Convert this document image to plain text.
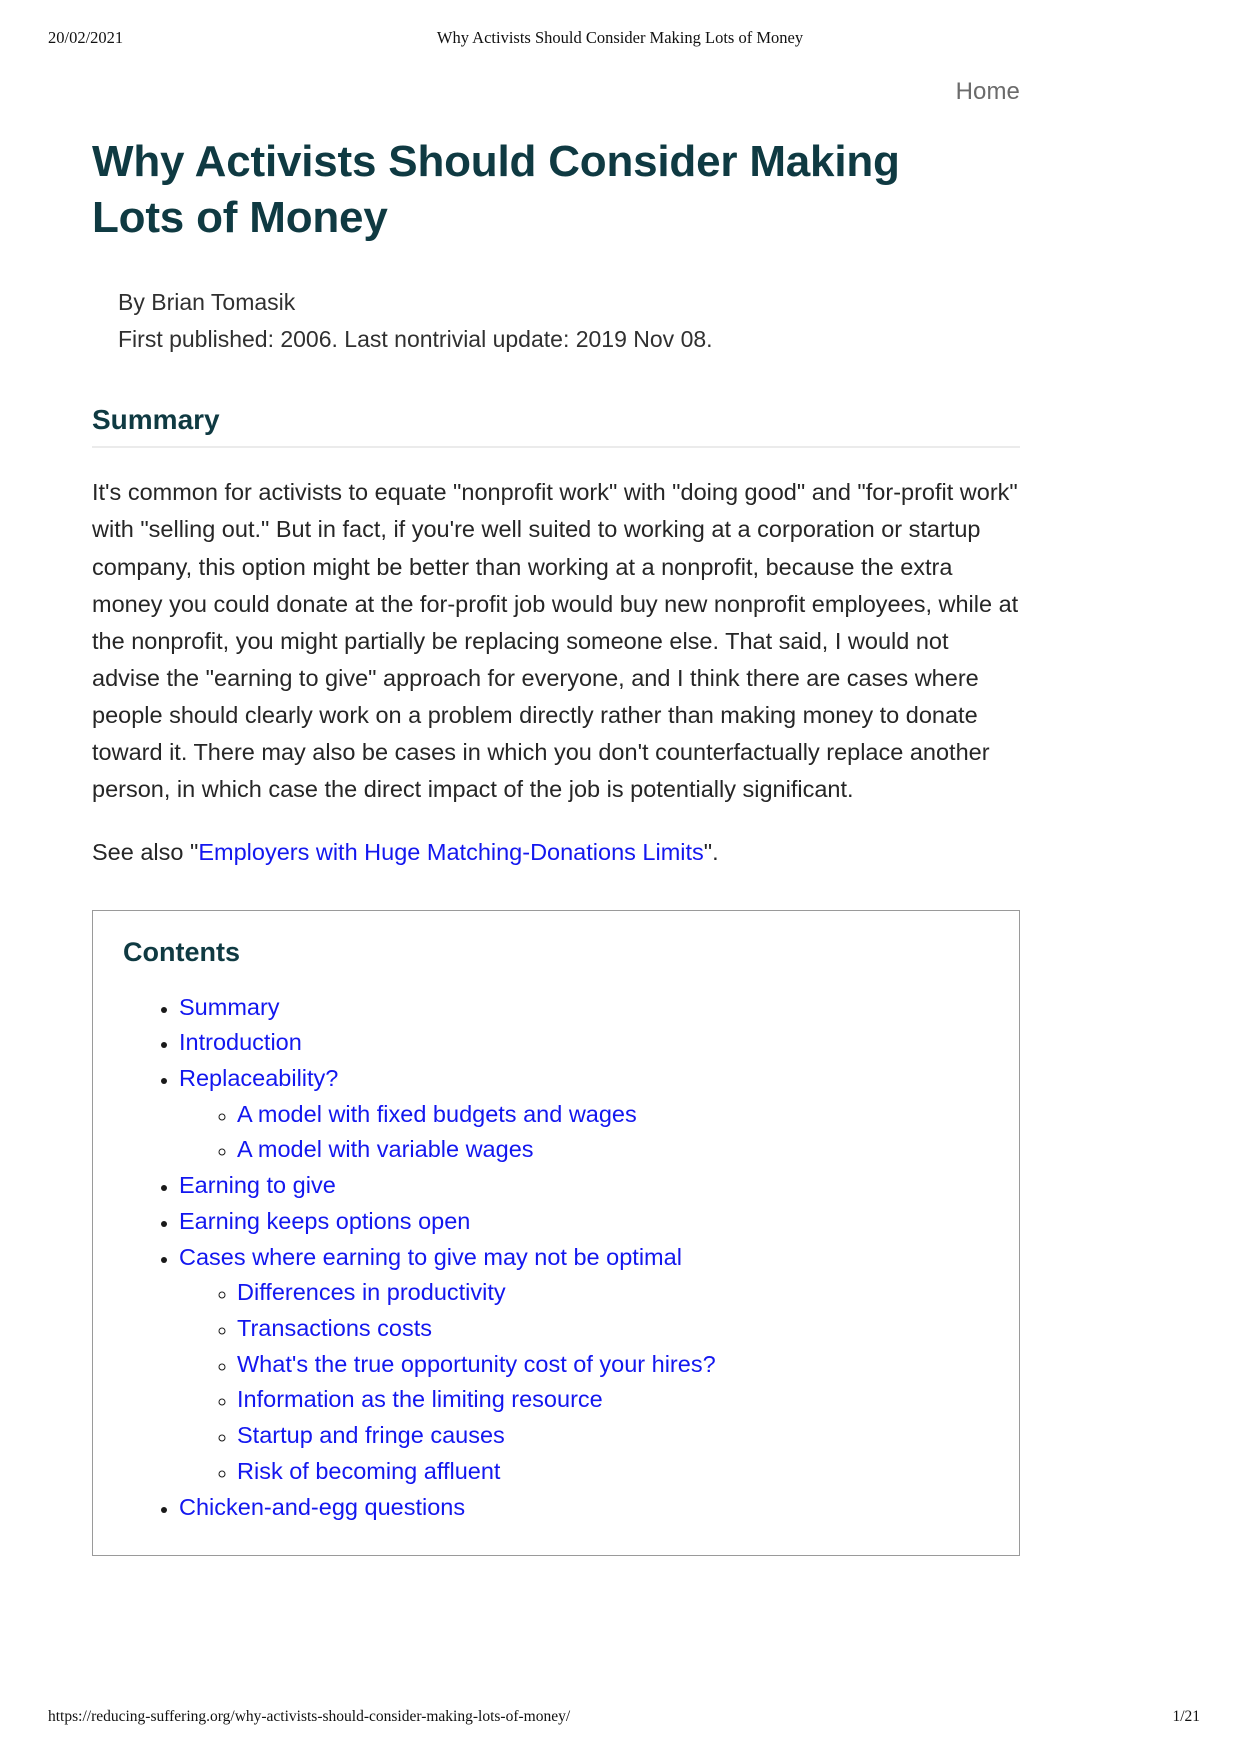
20/02/2021	Why Activists Should Consider Making Lots of Money
Home
Why Activists Should Consider Making Lots of Money
By Brian Tomasik
First published: 2006. Last nontrivial update: 2019 Nov 08.
Summary

It's common for activists to equate "nonprofit work" with "doing good" and "for-profit work" with "selling out." But in fact, if you're well suited to working at a corporation or startup company, this option might be better than working at a nonprofit, because the extra money you could donate at the for-profit job would buy new nonprofit employees, while at the nonprofit, you might partially be replacing someone else. That said, I would not advise the "earning to give" approach for everyone, and I think there are cases where people should clearly work on a problem directly rather than making money to donate toward it. There may also be cases in which you don't counterfactually replace another person, in which case the direct impact of the job is potentially significant.

See also "Employers with Huge Matching-Donations Limits".

Contents
• Summary
• Introduction
• Replaceability?
◦ A model with fixed budgets and wages
◦ A model with variable wages
• Earning to give
• Earning keeps options open
• Cases where earning to give may not be optimal
◦ Differences in productivity
◦ Transactions costs
◦ What's the true opportunity cost of your hires?
◦ Information as the limiting resource
◦ Startup and fringe causes
◦ Risk of becoming affluent
• Chicken-and-egg questions
https://reducing-suffering.org/why-activists-should-consider-making-lots-of-money/	1/21
